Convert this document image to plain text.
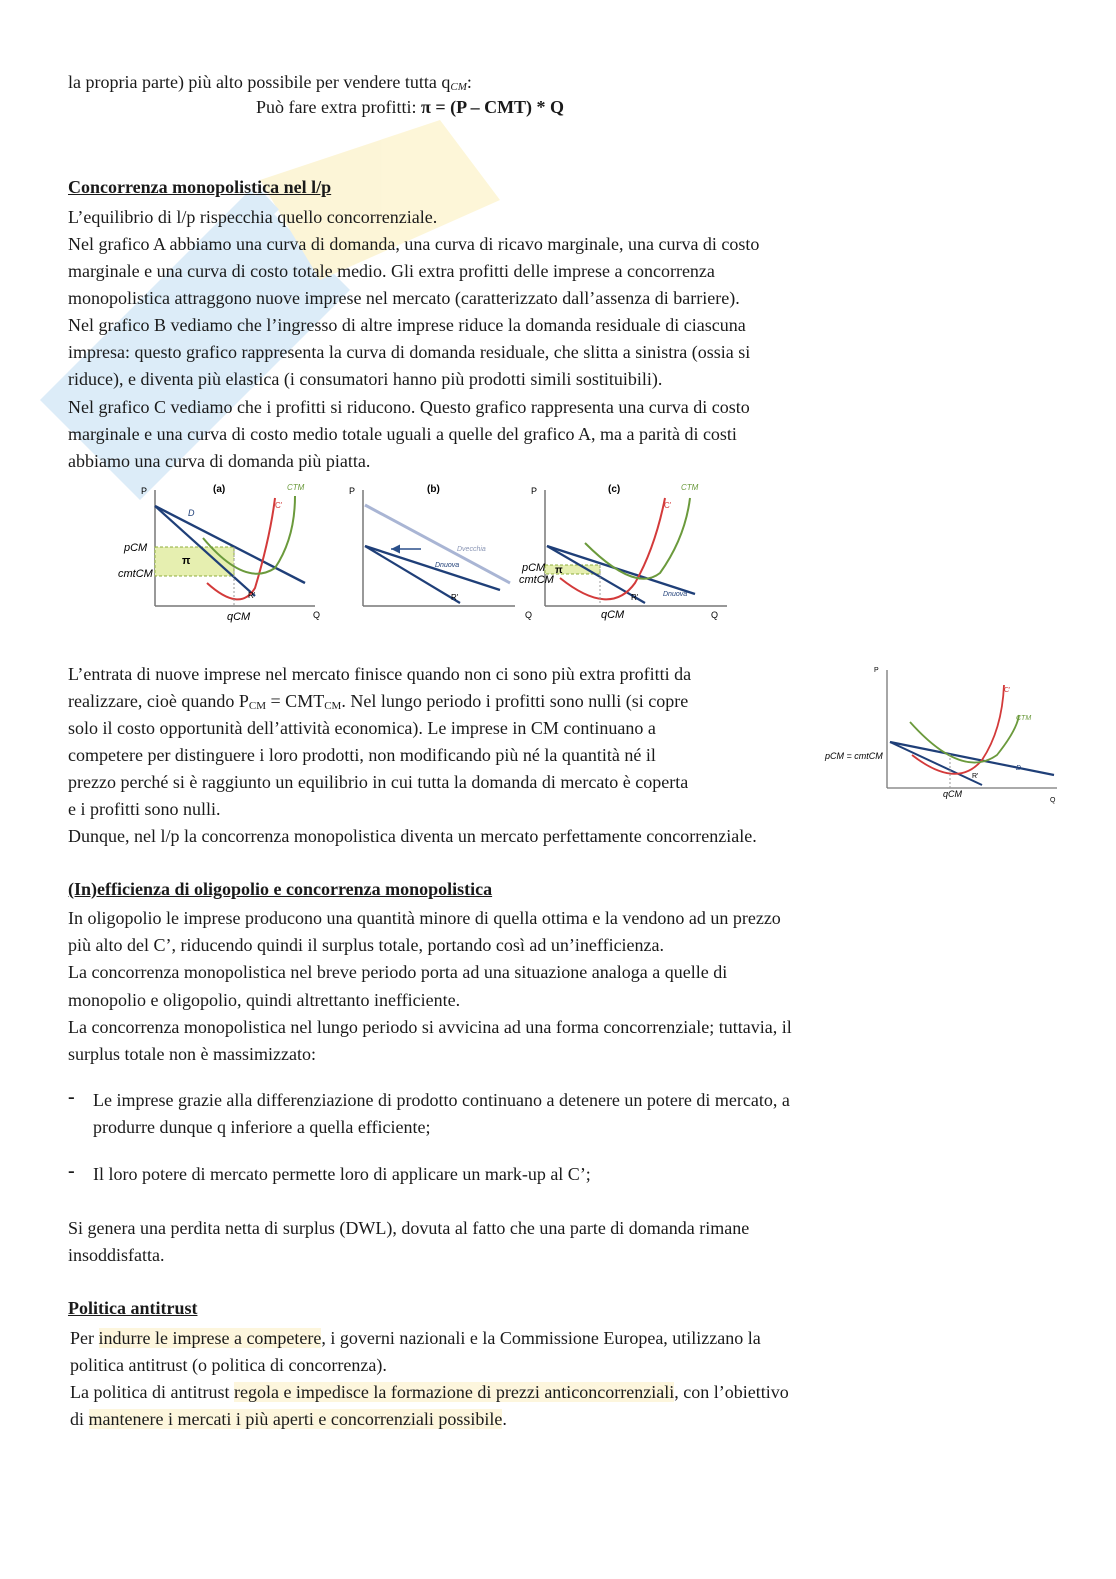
la propria parte) più alto possibile per vendere tutta $q_{CM}$:

Può fare extra profitti: π = (P – CMT) * Q

Concorrenza monopolistica nel l/p

L’equilibrio di l/p rispecchia quello concorrenziale.

Nel grafico A abbiamo una curva di domanda, una curva di ricavo marginale, una curva di costo

marginale e una curva di costo totale medio. Gli extra profitti delle imprese a concorrenza

monopolistica attraggono nuove imprese nel mercato (caratterizzato dall’assenza di barriere).

Nel grafico B vediamo che l’ingresso di altre imprese riduce la domanda residuale di ciascuna

impresa: questo grafico rappresenta la curva di domanda residuale, che slitta a sinistra (ossia si

riduce), e diventa più elastica (i consumatori hanno più prodotti simili sostituibili).

Nel grafico C vediamo che i profitti si riducono. Questo grafico rappresenta una curva di costo

marginale e una curva di costo medio totale uguali a quelle del grafico A, ma a parità di costi

abbiamo una curva di domanda più piatta.

P
Q
(a)
D
C'
CTM
R'
pCM
cmtCM
qCM
π
P
Q
(b)
Dvecchia
Dnuova
R'
P
Q
(c)
C'
CTM
R'	Dnuova
pCM
cmtCM
qCM
π

L’entrata di nuove imprese nel mercato finisce quando non ci sono più extra profitti da

realizzare, cioè quando $P_{CM} = CMT_{CM}$. Nel lungo periodo i profitti sono nulli (si copre

solo il costo opportunità dell’attività economica). Le imprese in CM continuano a

competere per distinguere i loro prodotti, non modificando più né la quantità né il

prezzo perché si è raggiunto un equilibrio in cui tutta la domanda di mercato è coperta

e i profitti sono nulli.

Dunque, nel l/p la concorrenza monopolistica diventa un mercato perfettamente concorrenziale.

P
Q
C'
CTM
D
R'
pCM = cmtCM
qCM

(In)efficienza di oligopolio e concorrenza monopolistica

In oligopolio le imprese producono una quantità minore di quella ottima e la vendono ad un prezzo

più alto del C’, riducendo quindi il surplus totale, portando così ad un’inefficienza.

La concorrenza monopolistica nel breve periodo porta ad una situazione analoga a quelle di

monopolio e oligopolio, quindi altrettanto inefficiente.

La concorrenza monopolistica nel lungo periodo si avvicina ad una forma concorrenziale; tuttavia, il

surplus totale non è massimizzato:

- Le imprese grazie alla differenziazione di prodotto continuano a detenere un potere di mercato, a

produrre dunque q inferiore a quella efficiente;

- Il loro potere di mercato permette loro di applicare un mark-up al C’;

Si genera una perdita netta di surplus (DWL), dovuta al fatto che una parte di domanda rimane

insoddisfatta.

Politica antitrust

Per indurre le imprese a competere, i governi nazionali e la Commissione Europea, utilizzano la

politica antitrust (o politica di concorrenza).

La politica di antitrust regola e impedisce la formazione di prezzi anticoncorrenziali, con l’obiettivo

di mantenere i mercati i più aperti e concorrenziali possibile.
